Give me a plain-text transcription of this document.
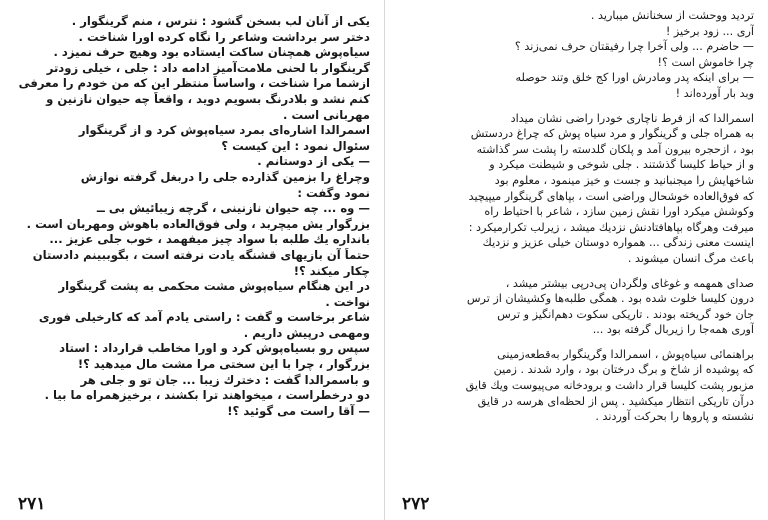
یکی از آنان لب بسخن گشود : نترس ، منم گرینگوار .
دختر سر برداشت وشاعر را نگاه کرده اورا شناخت .
سیاه‌پوش همچنان ساکت ایستاده بود وهیچ حرف نمیزد .
گرینگوار با لحنی ملامت‌آمیز ادامه داد : جلی ، خیلی زودتر
ازشما مرا شناخت ، واساساً منتظر این که من خودم را معرفی
کنم نشد و بلادرنگ بسویم دوید ، واقعاً چه حیوان نازنین و
مهربانی است .
اسمرالدا اشاره‌ای بمرد سیاه‌پوش کرد و از گرینگوار
سئوال نمود : این کیست ؟
— یکی از دوستانم .
وچراغ را بزمین گذارده جلی را دربغل گرفته نوازش
نمود وگفت :
— وه ... چه حیوان نازنینی ، گرچه زیبائیش بی ــ
بزرگوار یش میچربد ، ولی فوق‌العاده باهوش ومهربان است .
بانداره یك طلبه با سواد چیز میفهمد ، خوب جلی عزیز ...
حتماً آن بازیهای قشنگه یادت نرفته است ، بگوببینم دادستان
چکار میکند ؟!
در این هنگام سیاه‌پوش مشت محکمی به پشت گرینگوار
نواخت .
شاعر برخاست و گفت : راستی یادم آمد که کارخیلی فوری
ومهمی درپیش داریم .
سپس رو بسیاه‌پوش کرد و اورا مخاطب قرارداد : استاد
بزرگوار ، چرا با این سختی مرا مشت مال میدهید ؟!
و باسمرالدا گفت : دخترك زیبا ... جان تو و جلی هر
دو درخطراست ، میخواهند ترا بکشند ، برخیزهمراه ما بیا .
— آقا راست می گوئید ؟!
۲۷۱
تردید ووحشت از سخنانش میبارید .
آری ... زود برخیز !
— حاضرم ... ولی آخرا چرا رفیقتان حرف نمی‌زند ؟
چرا خاموش است ؟!
— برای اینکه پدر ومادرش اورا کج خلق وتند حوصله
وبد بار آورده‌اند !
اسمرالدا که از فرط ناچاری خودرا راضی نشان میداد
به همراه جلی و گرینگوار و مرد سیاه پوش که چراغ دردستش
بود ، ازحجره بیرون آمد و پلکان گلدسته را پشت سر گذاشته
و از حیاط کلیسا گذشتند . جلی شوخی و شیطنت میکرد و
شاخهایش را میجنبانید و جست و خیز مینمود ، معلوم بود
که فوق‌العاده خوشحال وراضی است ، بپاهای گرینگوار میپیچید
وکوشش میکرد اورا نقش زمین سازد ، شاعر با احتیاط راه
میرفت وهرگاه بپاهافتادنش نزدیك میشد ، زیرلب تکرارمیکرد :
اینست معنی زندگی ... همواره دوستان خیلی عزیز و نزدیك
باعث مرگ انسان میشوند .
صدای همهمه و غوغای ولگردان پی‌درپی بیشتر میشد ،
درون کلیسا خلوت شده بود . همگی طلبه‌ها وکشیشان از ترس
جان خود گریخته بودند . تاریکی سکوت دهم‌انگیز و ترس‌
آوری همه‌جا را زیربال گرفته بود ...
براهنمائی سیاه‌پوش ، اسمرالدا وگرینگوار به‌قطعه‌زمینی
که پوشیده از شاخ و برگ درختان بود ، وارد شدند . زمین
مزبور پشت کلیسا قرار داشت و برودخانه می‌پیوست ویك قایق
درآن تاریکی انتظار میکشید . پس از لحظه‌ای هرسه در قایق
نشسته و پاروها را بحرکت آوردند .
۲۷۲
